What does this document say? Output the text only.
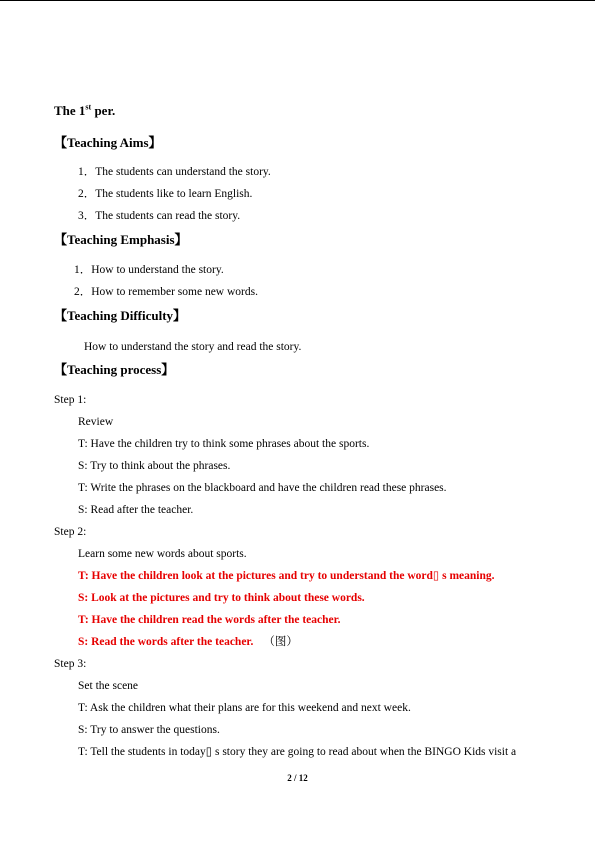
The 1st per.
【Teaching Aims】
1．The students can understand the story.
2．The students like to learn English.
3．The students can read the story.
【Teaching Emphasis】
1．How to understand the story.
2．How to remember some new words.
【Teaching Difficulty】
How to understand the story and read the story.
【Teaching process】
Step 1:
Review
T: Have the children try to think some phrases about the sports.
S: Try to think about the phrases.
T: Write the phrases on the blackboard and have the children read these phrases.
S: Read after the teacher.
Step 2:
Learn some new words about sports.
T: Have the children look at the pictures and try to understand the word▯ s meaning.
S: Look at the pictures and try to think about these words.
T: Have the children read the words after the teacher.
S: Read the words after the teacher. （图）
Step 3:
Set the scene
T: Ask the children what their plans are for this weekend and next week.
S: Try to answer the questions.
T: Tell the students in today▯ s story they are going to read about when the BINGO Kids visit a
2 / 12
